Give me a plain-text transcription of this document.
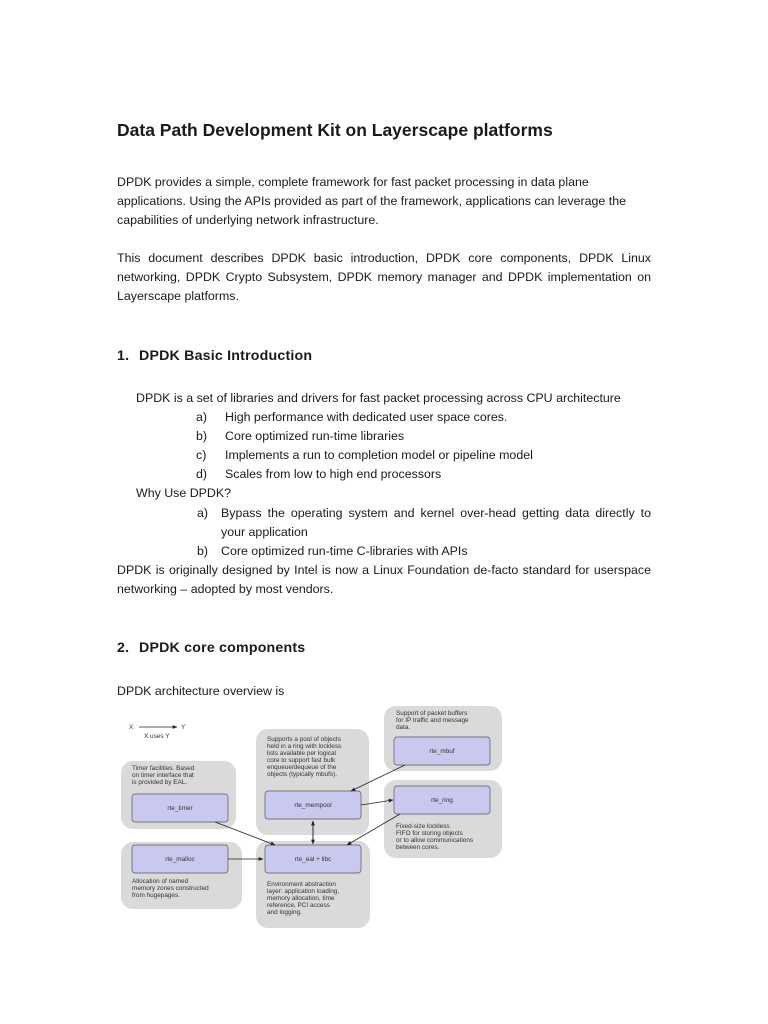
Data Path Development Kit on Layerscape platforms
DPDK provides a simple, complete framework for fast packet processing in data plane
applications. Using the APIs provided as part of the framework, applications can leverage the
capabilities of underlying network infrastructure.

This document describes DPDK basic introduction, DPDK core components, DPDK Linux networking, DPDK Crypto Subsystem, DPDK memory manager and DPDK implementation on Layerscape platforms.

1. DPDK Basic Introduction
DPDK is a set of libraries and drivers for fast packet processing across CPU architecture
a) High performance with dedicated user space cores.
b) Core optimized run-time libraries
c) Implements a run to completion model or pipeline model
d) Scales from low to high end processors
Why Use DPDK?
a) Bypass the operating system and kernel over-head getting data directly to
your application
b) Core optimized run-time C-libraries with APIs
DPDK is originally designed by Intel is now a Linux Foundation de-facto standard for userspace
networking – adopted by most vendors.
2. DPDK core components
DPDK architecture overview is
X	Y
X uses Y
Timer facilities. Based on timer interface that is provided by EAL.
rte_timer
Supports a pool of objects held in a ring with lockless lists available per logical core to support fast bulk enqueue/dequeue of the objects (typically mbufs).
rte_mempool
Support of packet buffers for IP traffic and message data.
rte_mbuf
rte_ring
Fixed-size lockless FIFO for storing objects or to allow communications between cores.
rte_malloc
Allocation of named memory zones constructed from hugepages.
rte_eal + libc
Environment abstraction layer: application loading, memory allocation, time reference, PCI access and logging.
